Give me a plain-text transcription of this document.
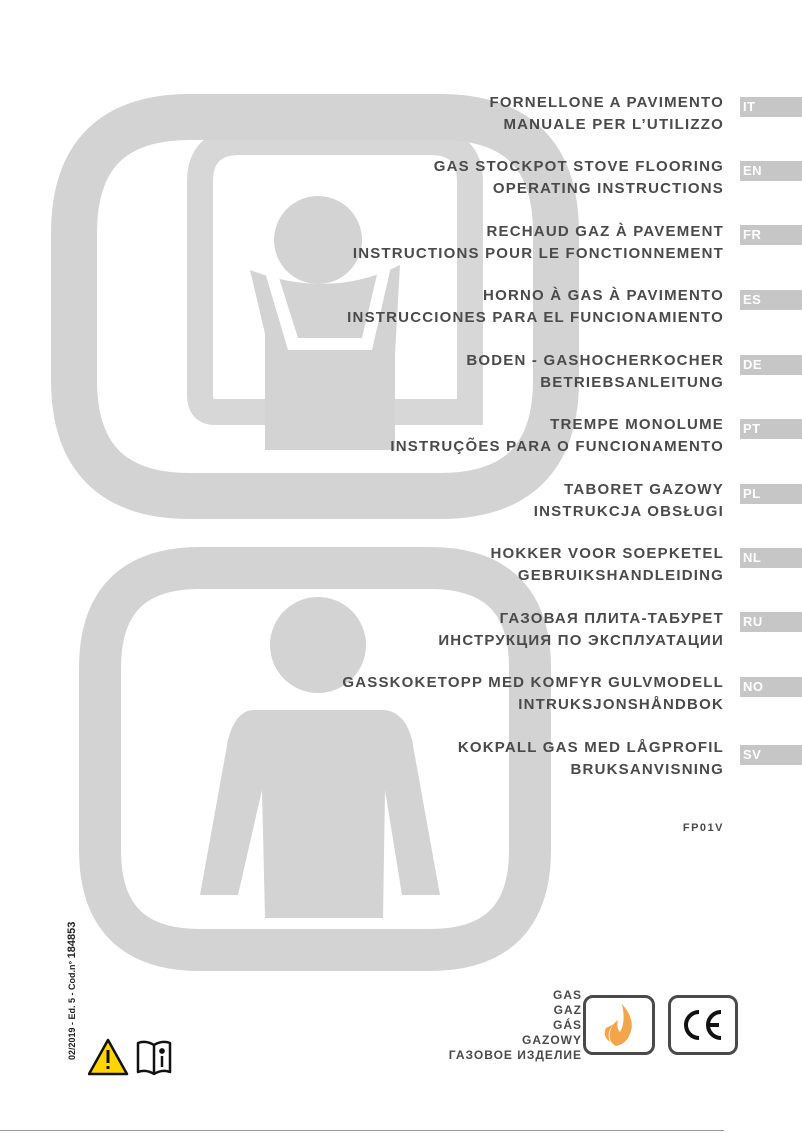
FORNELLONE A PAVIMENTO
MANUALE PER L’UTILIZZO
IT
GAS STOCKPOT STOVE FLOORING
OPERATING INSTRUCTIONS
EN
RECHAUD GAZ À PAVEMENT
INSTRUCTIONS POUR LE FONCTIONNEMENT
FR
HORNO À GAS À PAVIMENTO
INSTRUCCIONES PARA EL FUNCIONAMIENTO
ES
BODEN - GASHOCHERKOCHER
BETRIEBSANLEITUNG
DE
TREMPE MONOLUME
INSTRUÇÕES PARA O FUNCIONAMENTO
PT
TABORET GAZOWY
INSTRUKCJA OBSŁUGI
PL
HOKKER VOOR SOEPKETEL
GEBRUIKSHANDLEIDING
NL
ГАЗОВАЯ ПЛИТА-ТАБУРЕТ
ИНСТРУКЦИЯ ПО ЭКСПЛУАТАЦИИ
RU
GASSKOKETOPP MED KOMFYR GULVMODELL
INTRUKSJONSHÅNDBOK
NO
KOKPALL GAS MED LÅGPROFIL
BRUKSANVISNING
SV
FP01V
02/2019 - Ed. 5 - Cod.n° 184853
GAS
GAZ
GÁS
GAZOWY
ГАЗОВОЕ ИЗДЕЛИЕ
